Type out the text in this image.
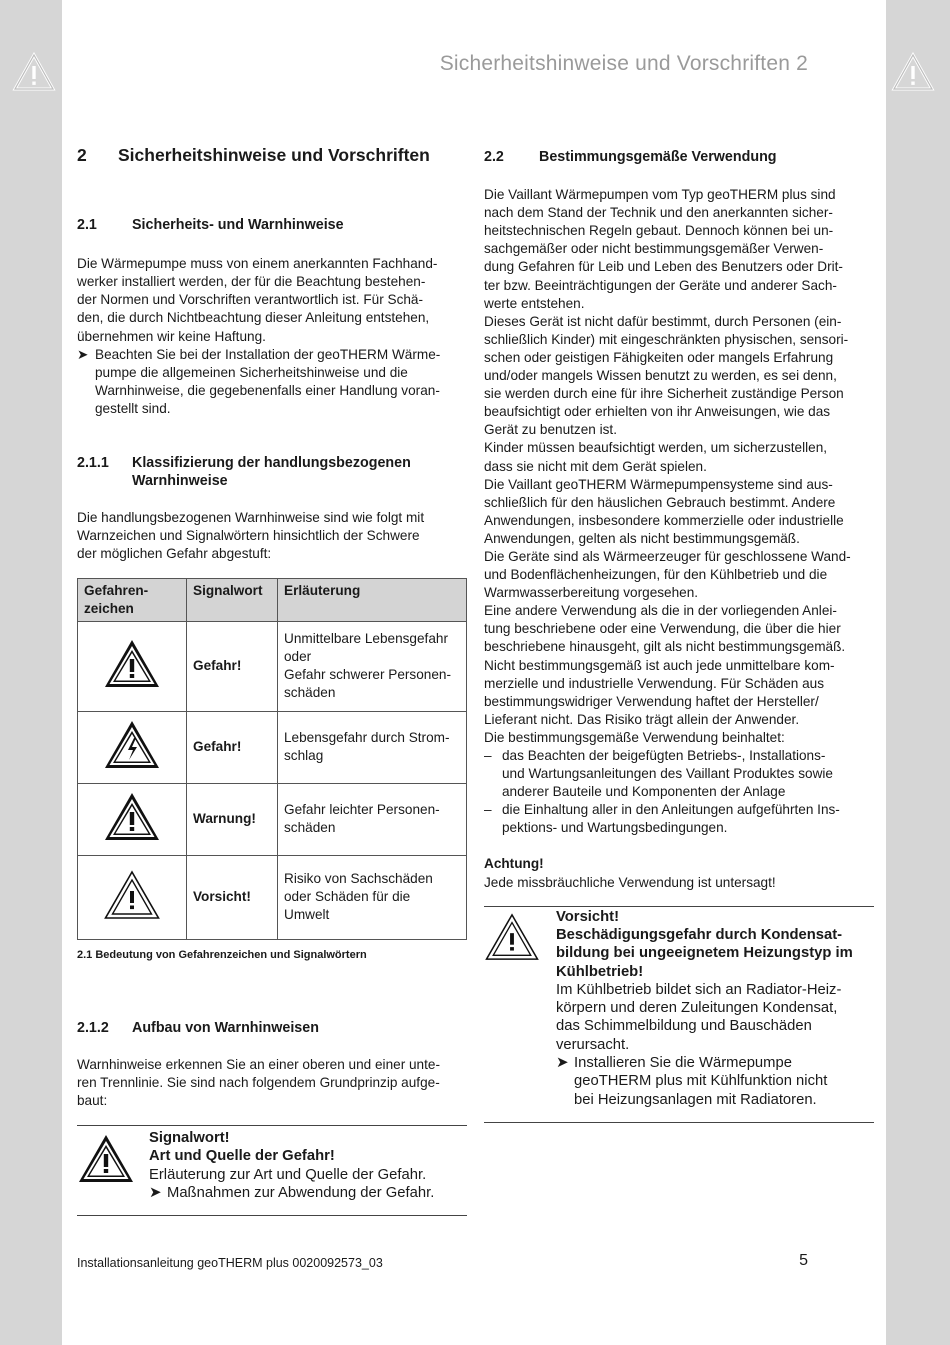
Sicherheitshinweise und Vorschriften 2
2	Sicherheitshinweise und Vorschriften
2.1	Sicherheits- und Warnhinweise

Die Wärmepumpe muss von einem anerkannten Fachhand-
werker installiert werden, der für die Beachtung bestehen-
der Normen und Vorschriften verantwortlich ist. Für Schä-
den, die durch Nichtbeachtung dieser Anleitung entstehen,
übernehmen wir keine Haftung.

➤ Beachten Sie bei der Installation der geoTHERM Wärme-
pumpe die allgemeinen Sicherheitshinweise und die
Warnhinweise, die gegebenenfalls einer Handlung voran-
gestellt sind.
2.1.1	Klassifizierung der handlungsbezogenen
Warnhinweise

Die handlungsbezogenen Warnhinweise sind wie folgt mit
Warnzeichen und Signalwörtern hinsichtlich der Schwere
der möglichen Gefahr abgestuft:

Gefahren-
zeichen	Signalwort	Erläuterung
	Gefahr!	Unmittelbare Lebensgefahr
oder
Gefahr schwerer Personen-
schäden
	Gefahr!	Lebensgefahr durch Strom-
schlag
	Warnung!	Gefahr leichter Personen-
schäden
	Vorsicht!	Risiko von Sachschäden
oder Schäden für die
Umwelt
2.1 Bedeutung von Gefahrenzeichen und Signalwörtern
2.1.2	Aufbau von Warnhinweisen

Warnhinweise erkennen Sie an einer oberen und einer unte-
ren Trennlinie. Sie sind nach folgendem Grundprinzip aufge-
baut:

Signalwort!
Art und Quelle der Gefahr!
Erläuterung zur Art und Quelle der Gefahr.
➤ Maßnahmen zur Abwendung der Gefahr.
2.2	Bestimmungsgemäße Verwendung

Die Vaillant Wärmepumpen vom Typ geoTHERM plus sind
nach dem Stand der Technik und den anerkannten sicher-
heitstechnischen Regeln gebaut. Dennoch können bei un-
sachgemäßer oder nicht bestimmungsgemäßer Verwen-
dung Gefahren für Leib und Leben des Benutzers oder Drit-
ter bzw. Beeinträchtigungen der Geräte und anderer Sach-
werte entstehen.

Dieses Gerät ist nicht dafür bestimmt, durch Personen (ein-
schließlich Kinder) mit eingeschränkten physischen, sensori-
schen oder geistigen Fähigkeiten oder mangels Erfahrung
und/oder mangels Wissen benutzt zu werden, es sei denn,
sie werden durch eine für ihre Sicherheit zuständige Person
beaufsichtigt oder erhielten von ihr Anweisungen, wie das
Gerät zu benutzen ist.

Kinder müssen beaufsichtigt werden, um sicherzustellen,
dass sie nicht mit dem Gerät spielen.

Die Vaillant geoTHERM Wärmepumpensysteme sind aus-
schließlich für den häuslichen Gebrauch bestimmt. Andere
Anwendungen, insbesondere kommerzielle oder industrielle
Anwendungen, gelten als nicht bestimmungsgemäß.

Die Geräte sind als Wärmeerzeuger für geschlossene Wand-
und Bodenflächenheizungen, für den Kühlbetrieb und die
Warmwasserbereitung vorgesehen.

Eine andere Verwendung als die in der vorliegenden Anlei-
tung beschriebene oder eine Verwendung, die über die hier
beschriebene hinausgeht, gilt als nicht bestimmungsgemäß.
Nicht bestimmungsgemäß ist auch jede unmittelbare kom-
merzielle und industrielle Verwendung. Für Schäden aus
bestimmungswidriger Verwendung haftet der Hersteller/
Lieferant nicht. Das Risiko trägt allein der Anwender.

Die bestimmungsgemäße Verwendung beinhaltet:

– das Beachten der beigefügten Betriebs-, Installations-
und Wartungsanleitungen des Vaillant Produktes sowie
anderer Bauteile und Komponenten der Anlage
– die Einhaltung aller in den Anleitungen aufgeführten Ins-
pektions- und Wartungsbedingungen.
Achtung!

Jede missbräuchliche Verwendung ist untersagt!

Vorsicht!
Beschädigungsgefahr durch Kondensat-
bildung bei ungeeignetem Heizungstyp im
Kühlbetrieb!
Im Kühlbetrieb bildet sich an Radiator-Heiz-
körpern und deren Zuleitungen Kondensat,
das Schimmelbildung und Bauschäden
verursacht.
➤ Installieren Sie die Wärmepumpe
geoTHERM plus mit Kühlfunktion nicht
bei Heizungsanlagen mit Radiatoren.
Installationsanleitung geoTHERM plus 0020092573_03	5
